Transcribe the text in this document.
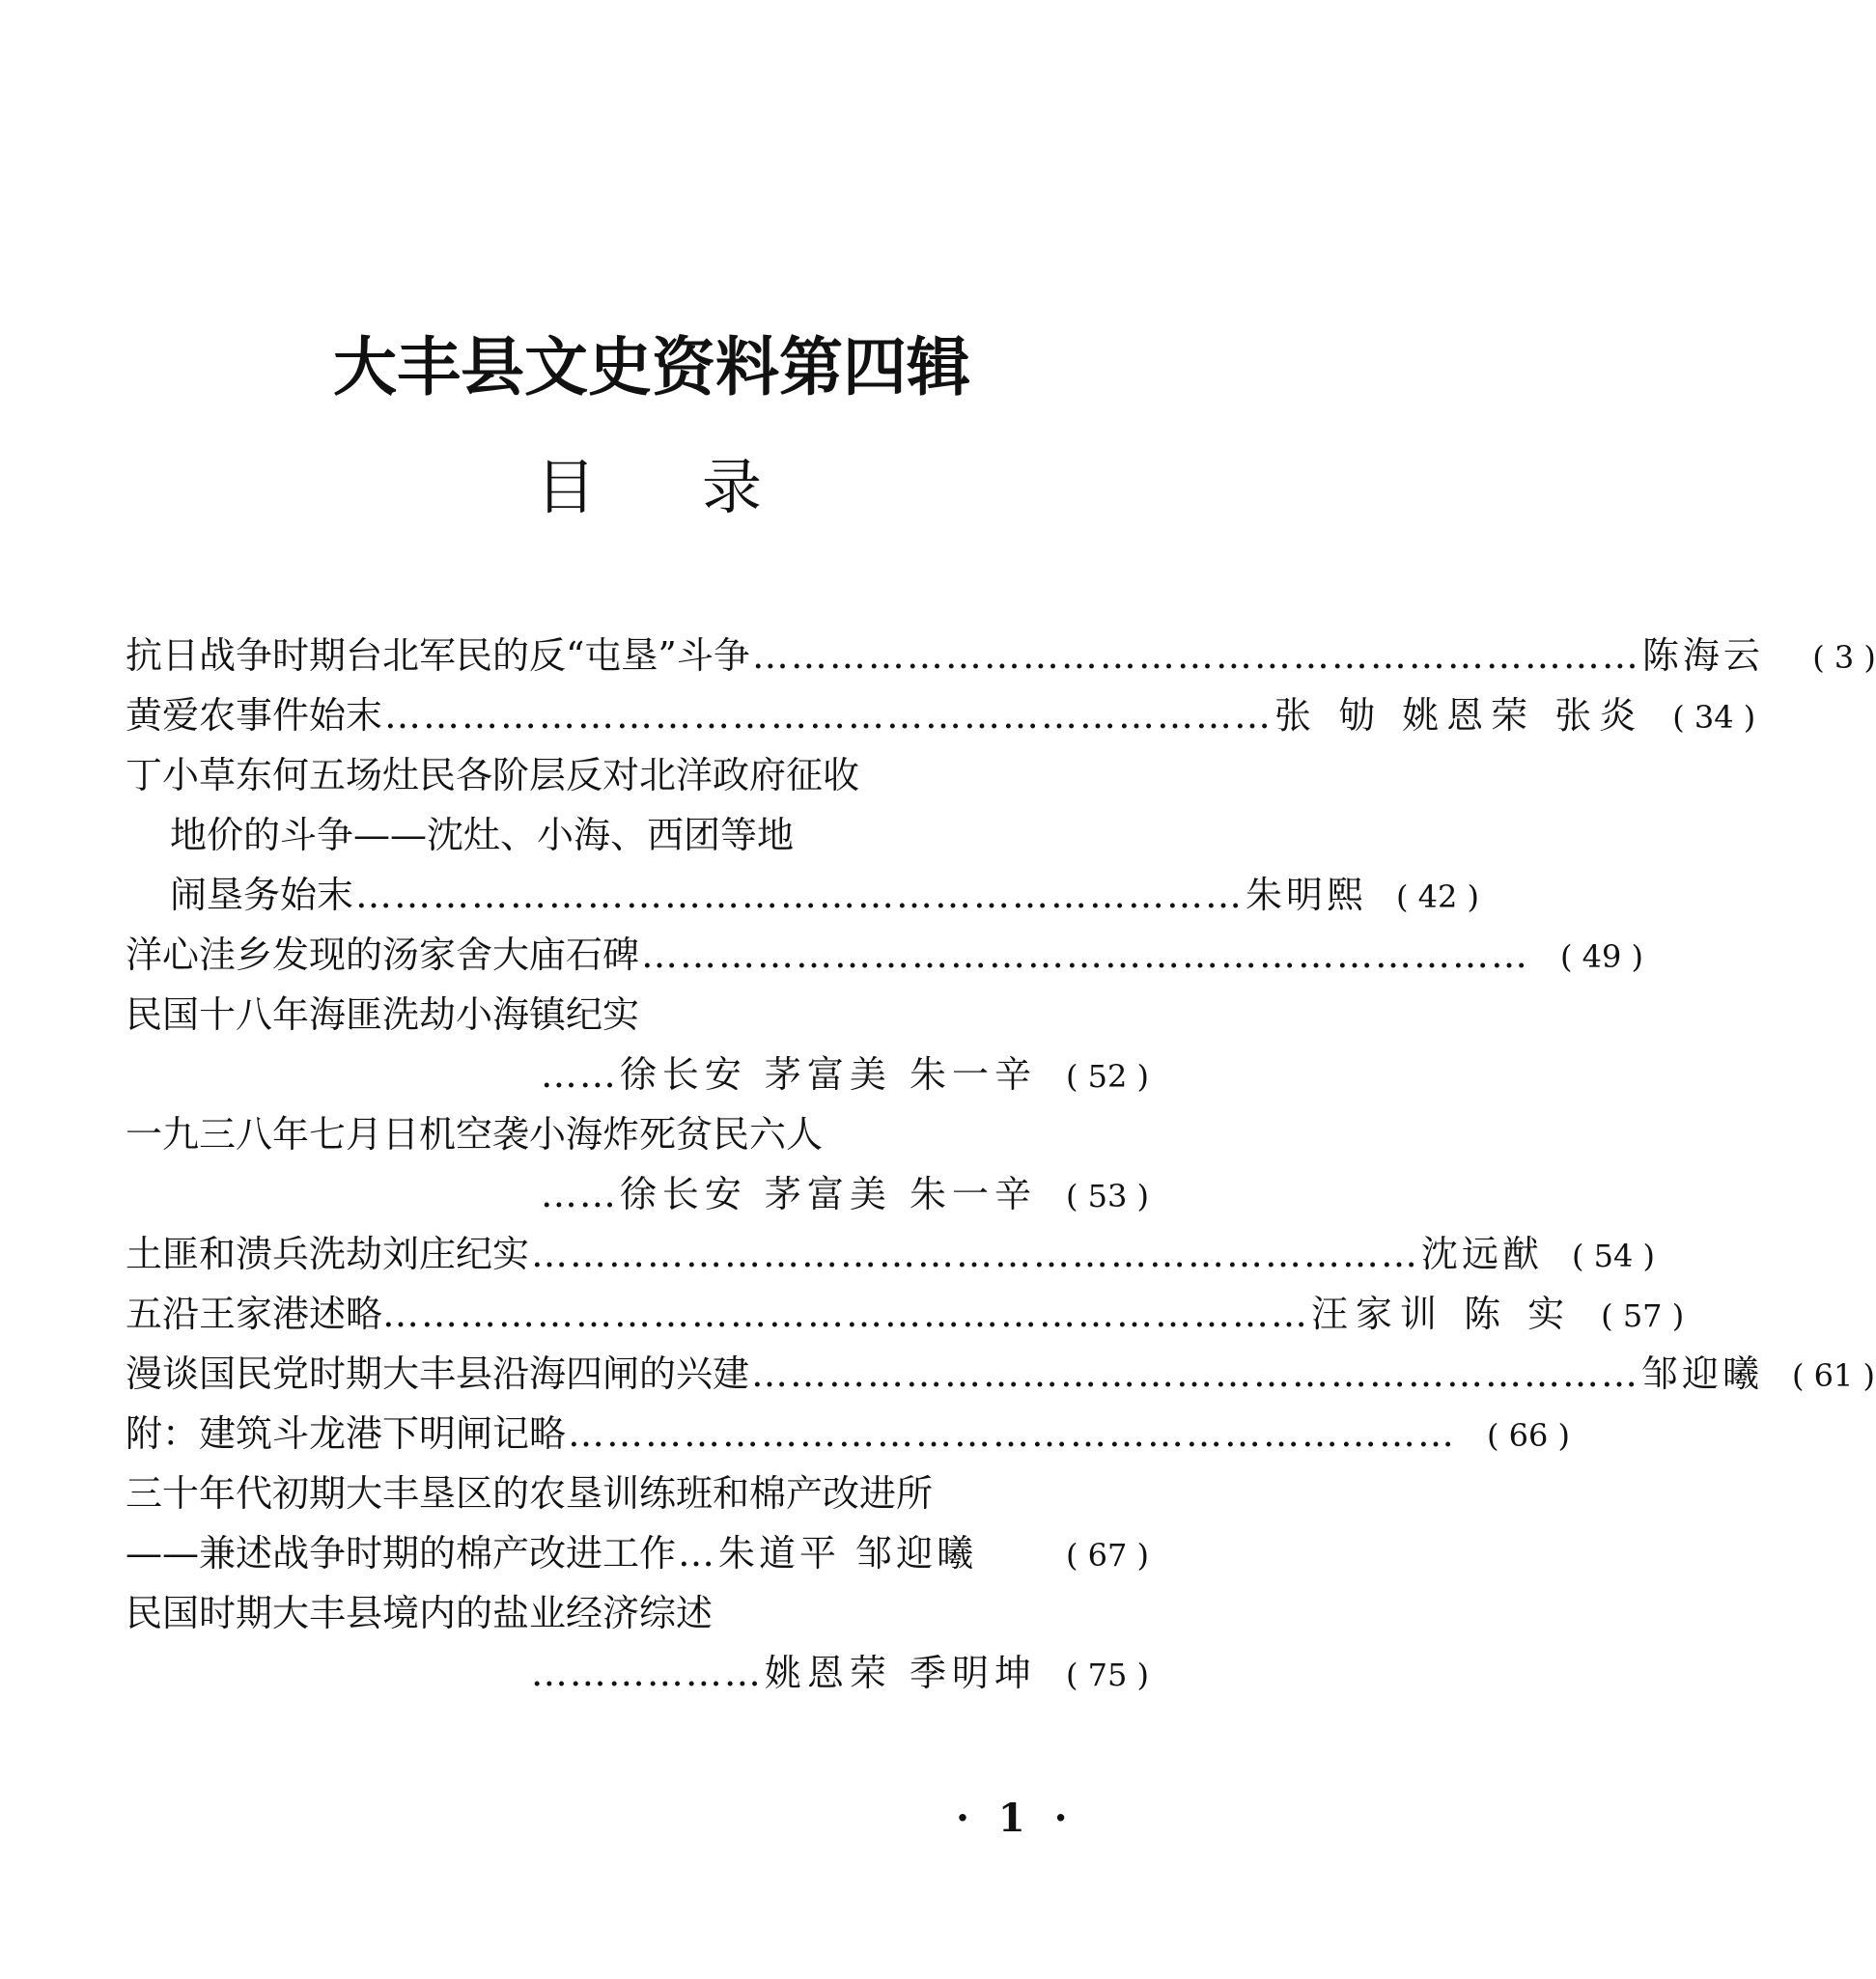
大丰县文史资料第四辑
目 录
抗日战争时期台北军民的反“屯垦”斗争 …………………………………………………………… 陈海云	( 3 )
黄爱农事件始末 …………………………………………………………… 张 劬 姚恩荣 张炎 ( 34 )
丁小草东何五场灶民各阶层反对北洋政府征收
地价的斗争——沈灶、小海、西团等地
闹垦务始末 …………………………………………………………… 朱明熙 ( 42 )
洋心洼乡发现的汤家舍大庙石碑 …………………………………………………………… ( 49 )
民国十八年海匪洗劫小海镇纪实
…… 徐长安 茅富美 朱一辛 ( 52 )
一九三八年七月日机空袭小海炸死贫民六人
…… 徐长安 茅富美 朱一辛 ( 53 )
土匪和溃兵洗劫刘庄纪实 …………………………………………………………… 沈远猷 ( 54 )
五沿王家港述略… …………………………………………………………… 汪家训 陈 实 ( 57 )
漫谈国民党时期大丰县沿海四闸的兴建 …………………………………………………………… 邹迎曦 ( 61 )
附：建筑斗龙港下明闸记略 …………………………………………………………… ( 66 )
三十年代初期大丰垦区的农垦训练班和棉产改进所
——兼述战争时期的棉产改进工作 … 朱道平 邹迎曦	( 67 )
民国时期大丰县境内的盐业经济综述
……………… 姚恩荣 季明坤 ( 75 )
· 1 ·
